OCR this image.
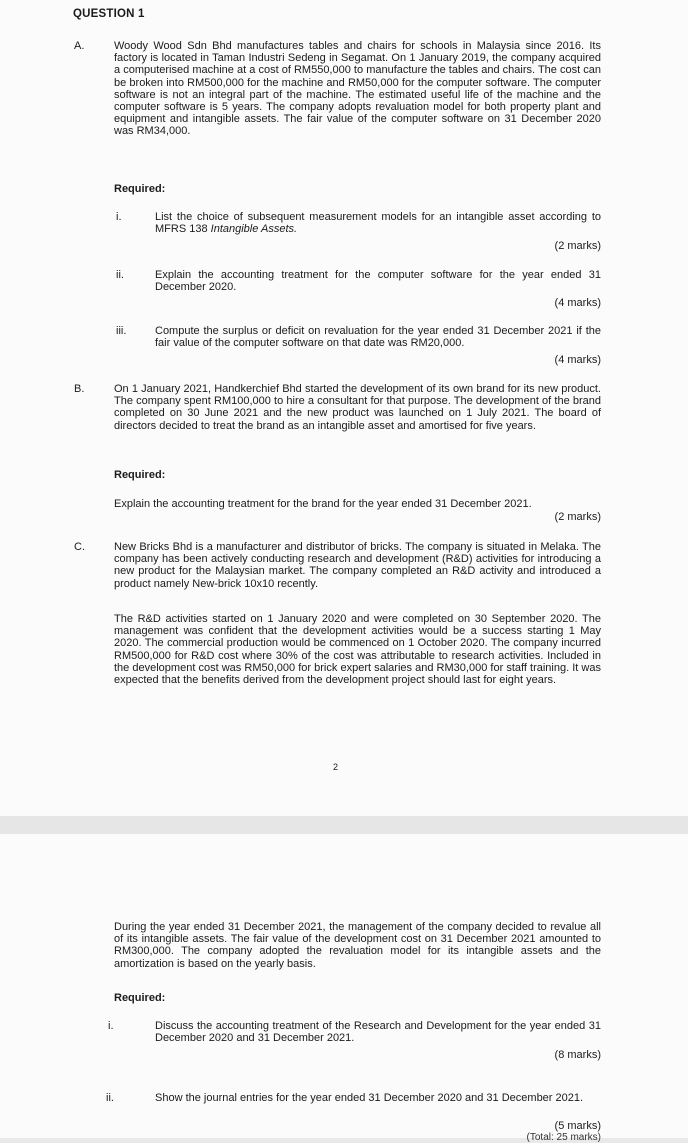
QUESTION 1

A.	Woody Wood Sdn Bhd manufactures tables and chairs for schools in Malaysia since 2016. Its factory is located in Taman Industri Sedeng in Segamat. On 1 January 2019, the company acquired a computerised machine at a cost of RM550,000 to manufacture the tables and chairs. The cost can be broken into RM500,000 for the machine and RM50,000 for the computer software. The computer software is not an integral part of the machine. The estimated useful life of the machine and the computer software is 5 years. The company adopts revaluation model for both property plant and equipment and intangible assets. The fair value of the computer software on 31 December 2020 was RM34,000.

Required:

i.	List the choice of subsequent measurement models for an intangible asset according to MFRS 138 Intangible Assets.

(2 marks)

ii.	Explain the accounting treatment for the computer software for the year ended 31 December 2020.

(4 marks)

iii.	Compute the surplus or deficit on revaluation for the year ended 31 December 2021 if the fair value of the computer software on that date was RM20,000.

(4 marks)

B.	On 1 January 2021, Handkerchief Bhd started the development of its own brand for its new product. The company spent RM100,000 to hire a consultant for that purpose. The development of the brand completed on 30 June 2021 and the new product was launched on 1 July 2021. The board of directors decided to treat the brand as an intangible asset and amortised for five years.

Required:

Explain the accounting treatment for the brand for the year ended 31 December 2021.

(2 marks)

C.	New Bricks Bhd is a manufacturer and distributor of bricks. The company is situated in Melaka. The company has been actively conducting research and development (R&D) activities for introducing a new product for the Malaysian market. The company completed an R&D activity and introduced a product namely New-brick 10x10 recently.

The R&D activities started on 1 January 2020 and were completed on 30 September 2020. The management was confident that the development activities would be a success starting 1 May 2020. The commercial production would be commenced on 1 October 2020. The company incurred RM500,000 for R&D cost where 30% of the cost was attributable to research activities. Included in the development cost was RM50,000 for brick expert salaries and RM30,000 for staff training. It was expected that the benefits derived from the development project should last for eight years.

2

During the year ended 31 December 2021, the management of the company decided to revalue all of its intangible assets. The fair value of the development cost on 31 December 2021 amounted to RM300,000. The company adopted the revaluation model for its intangible assets and the amortization is based on the yearly basis.

Required:

i.	Discuss the accounting treatment of the Research and Development for the year ended 31 December 2020 and 31 December 2021.

(8 marks)

ii.	Show the journal entries for the year ended 31 December 2020 and 31 December 2021.

(5 marks)

(Total: 25 marks)
